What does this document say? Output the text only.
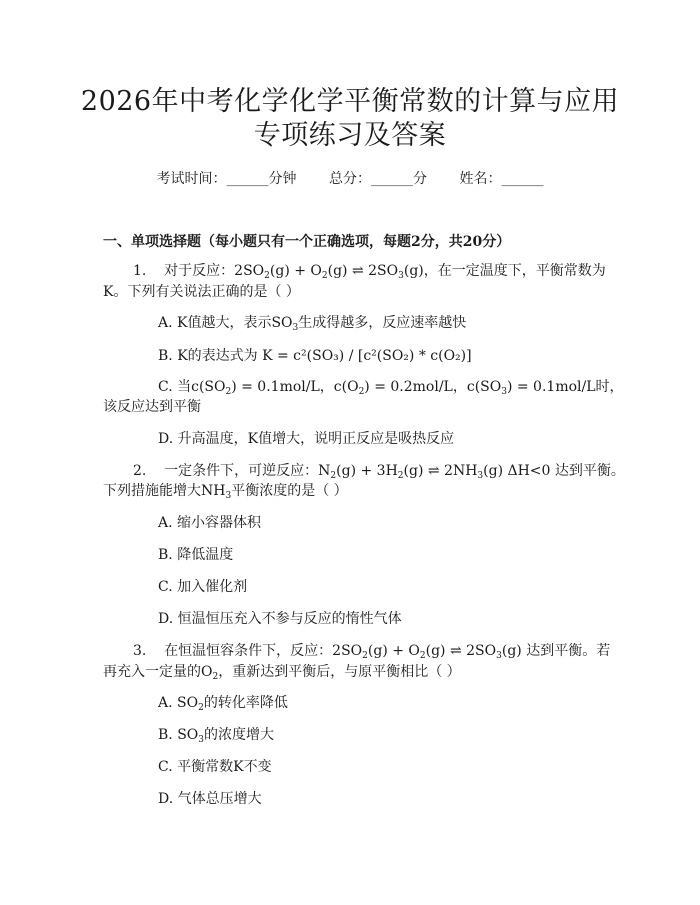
2026年中考化学化学平衡常数的计算与应用
专项练习及答案
考试时间：______分钟 总分：______分 姓名：______
一、单项选择题（每小题只有一个正确选项，每题2分，共20分）
1. 对于反应：$2SO_2(g) + O_2(g)$ ⇌ $2SO_3(g)$，在一定温度下，平衡常数为
K。下列有关说法正确的是（ ）
A. K值越大，表示$SO_3$生成得越多，反应速率越快
B. K的表达式为 K = c²(SO₃) / [c²(SO₂) * c(O₂)]
C. 当$c(SO_2) = 0.1mol/L$，$c(O_2) = 0.2mol/L$，$c(SO_3) = 0.1mol/L$时，
该反应达到平衡
D. 升高温度，K值增大，说明正反应是吸热反应
2. 一定条件下，可逆反应：$N_2(g) + 3H_2(g)$ ⇌ $2NH_3(g)$ ΔH<0 达到平衡。
下列措施能增大$NH_3$平衡浓度的是（ ）
A. 缩小容器体积
B. 降低温度
C. 加入催化剂
D. 恒温恒压充入不参与反应的惰性气体
3. 在恒温恒容条件下，反应：$2SO_2(g) + O_2(g)$ ⇌ $2SO_3(g)$ 达到平衡。若
再充入一定量的$O_2$，重新达到平衡后，与原平衡相比（ ）
A. $SO_2$的转化率降低
B. $SO_3$的浓度增大
C. 平衡常数K不变
D. 气体总压增大
